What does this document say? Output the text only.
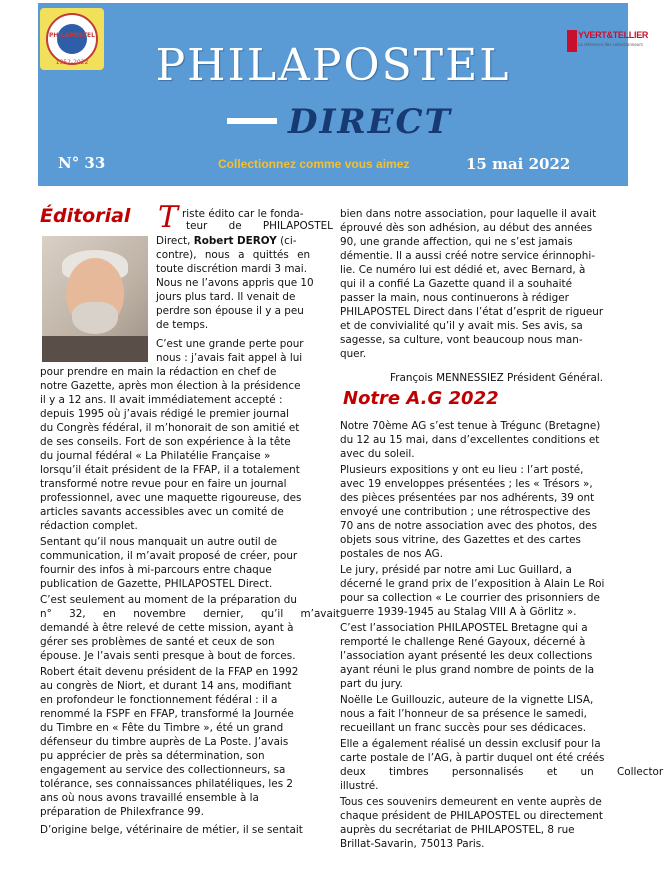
PHILAPOSTEL
1952-2022
YVERT&TELLIER
La référence des collectionneurs
PHILAPOSTEL
DIRECT
N° 33	Collectionnez comme vous aimez	15 mai 2022
Éditorial T riste édito car le fonda-
teur de PHILAPOSTEL
Direct, Robert DEROY (ci-
contre), nous a quittés en
toute discrétion mardi 3 mai.
Nous ne l’avons appris que 10
jours plus tard. Il venait de
perdre son épouse il y a peu
de temps.
C’est une grande perte pour
nous : j’avais fait appel à lui
pour prendre en main la rédaction en chef de
notre Gazette, après mon élection à la présidence
il y a 12 ans. Il avait immédiatement accepté :
depuis 1995 où j’avais rédigé le premier journal
du Congrès fédéral, il m’honorait de son amitié et
de ses conseils. Fort de son expérience à la tête
du journal fédéral « La Philatélie Française »
lorsqu’il était président de la FFAP, il a totalement
transformé notre revue pour en faire un journal
professionnel, avec une maquette rigoureuse, des
articles savants accessibles avec un comité de
rédaction complet.
Sentant qu’il nous manquait un autre outil de
communication, il m’avait proposé de créer, pour
fournir des infos à mi-parcours entre chaque
publication de Gazette, PHILAPOSTEL Direct.
C’est seulement au moment de la préparation du
n° 32, en novembre dernier, qu’il m’avait
demandé à être relevé de cette mission, ayant à
gérer ses problèmes de santé et ceux de son
épouse. Je l’avais senti presque à bout de forces.
Robert était devenu président de la FFAP en 1992
au congrès de Niort, et durant 14 ans, modifiant
en profondeur le fonctionnement fédéral : il a
renommé la FSPF en FFAP, transformé la Journée
du Timbre en « Fête du Timbre », été un grand
défenseur du timbre auprès de La Poste. J’avais
pu apprécier de près sa détermination, son
engagement au service des collectionneurs, sa
tolérance, ses connaissances philatéliques, les 2
ans où nous avons travaillé ensemble à la
préparation de Philexfrance 99.
D’origine belge, vétérinaire de métier, il se sentait
bien dans notre association, pour laquelle il avait
éprouvé dès son adhésion, au début des années
90, une grande affection, qui ne s’est jamais
démentie. Il a aussi créé notre service érinnophi-
lie. Ce numéro lui est dédié et, avec Bernard, à
qui il a confié La Gazette quand il a souhaité
passer la main, nous continuerons à rédiger
PHILAPOSTEL Direct dans l’état d’esprit de rigueur
et de convivialité qu’il y avait mis. Ses avis, sa
sagesse, sa culture, vont beaucoup nous man-
quer.
François MENNESSIEZ Président Général.
Notre A.G 2022
Notre 70ème AG s’est tenue à Trégunc (Bretagne)
du 12 au 15 mai, dans d’excellentes conditions et
avec du soleil.
Plusieurs expositions y ont eu lieu : l’art posté,
avec 19 enveloppes présentées ; les « Trésors »,
des pièces présentées par nos adhérents, 39 ont
envoyé une contribution ; une rétrospective des
70 ans de notre association avec des photos, des
objets sous vitrine, des Gazettes et des cartes
postales de nos AG.
Le jury, présidé par notre ami Luc Guillard, a
décerné le grand prix de l’exposition à Alain Le Roi
pour sa collection « Le courrier des prisonniers de
guerre 1939-1945 au Stalag VIII A à Görlitz ».
C’est l’association PHILAPOSTEL Bretagne qui a
remporté le challenge René Gayoux, décerné à
l’association ayant présenté les deux collections
ayant réuni le plus grand nombre de points de la
part du jury.
Noëlle Le Guillouzic, auteure de la vignette LISA,
nous a fait l’honneur de sa présence le samedi,
recueillant un franc succès pour ses dédicaces.
Elle a également réalisé un dessin exclusif pour la
carte postale de l’AG, à partir duquel ont été créés
deux timbres personnalisés et un Collector
illustré.
Tous ces souvenirs demeurent en vente auprès de
chaque président de PHILAPOSTEL ou directement
auprès du secrétariat de PHILAPOSTEL, 8 rue
Brillat-Savarin, 75013 Paris.
